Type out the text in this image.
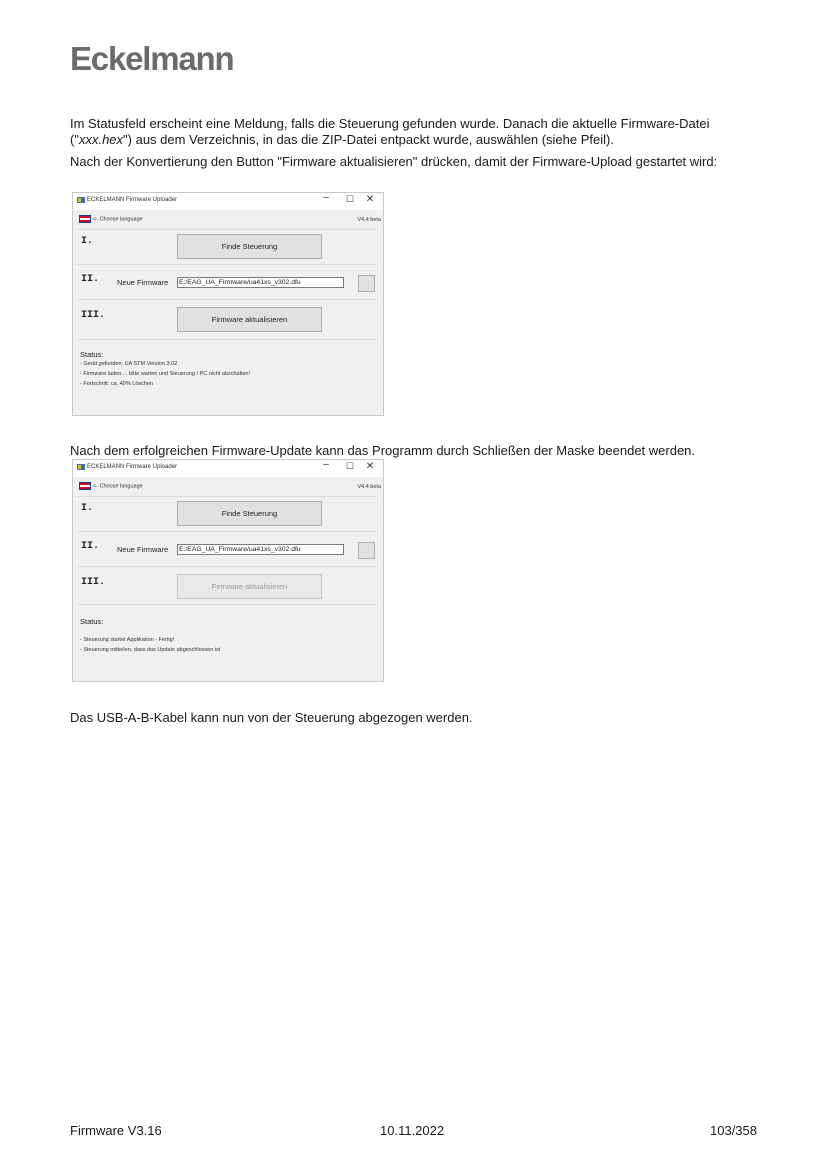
Eckelmann
Im Statusfeld erscheint eine Meldung, falls die Steuerung gefunden wurde. Danach die aktuelle Firmware-Datei ("xxx.hex") aus dem Verzeichnis, in das die ZIP-Datei entpackt wurde, auswählen (siehe Pfeil).
Nach der Konvertierung den Button "Firmware aktualisieren" drücken, damit der Firmware-Upload gestartet wird:
ECKELMANN Firmware Uploader	–	☐	✕
<- Choose language	V4.4 beta
I.	Finde Steuerung
II. Neue Firmware E:/EAG_UA_Firmware/ua41xs_v302.dfu
III.	Firmware aktualisieren
Status:
- Gerät gefunden: UA STM Version 3.02
- Firmware laden ... bitte warten und Steuerung / PC nicht abschalten!
- Fortschritt: ca. 49% Löschen
Nach dem erfolgreichen Firmware-Update kann das Programm durch Schließen der Maske beendet werden.
ECKELMANN Firmware Uploader	–	☐	✕
<- Choose language	V4.4 beta
I.	Finde Steuerung
II. Neue Firmware E:/EAG_UA_Firmware/ua41xs_v302.dfu
III.	Firmware aktualisieren
Status:
- Steuerung startet Applikation - Fertig!
- Steuerung mitteilen, dass das Update abgeschlossen ist
Das USB-A-B-Kabel kann nun von der Steuerung abgezogen werden.
Firmware V3.16	10.11.2022	103/358
